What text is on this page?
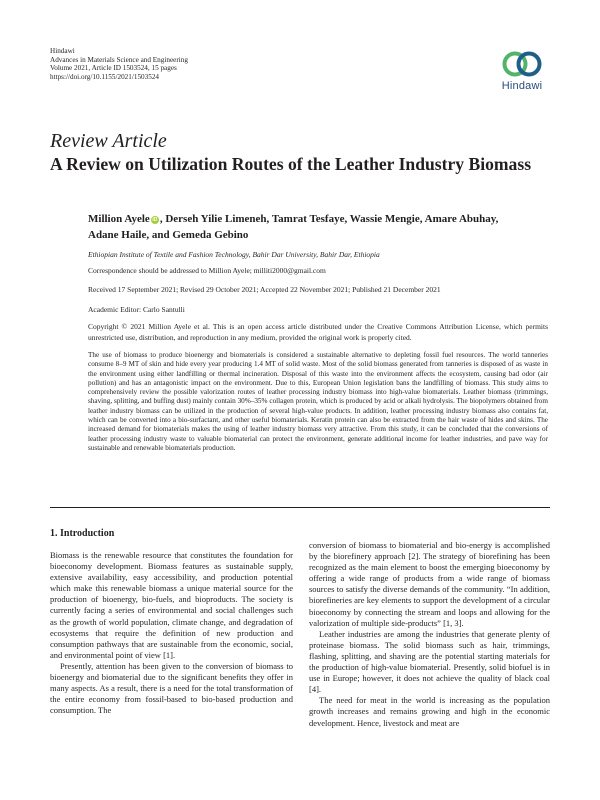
Hindawi
Advances in Materials Science and Engineering
Volume 2021, Article ID 1503524, 15 pages
https://doi.org/10.1155/2021/1503524
Hindawi
Review Article
A Review on Utilization Routes of the Leather Industry Biomass
Million Ayele iD , Derseh Yilie Limeneh, Tamrat Tesfaye, Wassie Mengie, Amare Abuhay,
Adane Haile, and Gemeda Gebino
Ethiopian Institute of Textile and Fashion Technology, Bahir Dar University, Bahir Dar, Ethiopia
Correspondence should be addressed to Million Ayele; milliti2000@gmail.com
Received 17 September 2021; Revised 29 October 2021; Accepted 22 November 2021; Published 21 December 2021
Academic Editor: Carlo Santulli
Copyright © 2021 Million Ayele et al. This is an open access article distributed under the Creative Commons Attribution License, which permits unrestricted use, distribution, and reproduction in any medium, provided the original work is properly cited.
The use of biomass to produce bioenergy and biomaterials is considered a sustainable alternative to depleting fossil fuel resources. The world tanneries consume 8–9 MT of skin and hide every year producing 1.4 MT of solid waste. Most of the solid biomass generated from tanneries is disposed of as waste in the environment using either landfilling or thermal incineration. Disposal of this waste into the environment affects the ecosystem, causing bad odor (air pollution) and has an antagonistic impact on the environment. Due to this, European Union legislation bans the landfilling of biomass. This study aims to comprehensively review the possible valorization routes of leather processing industry biomass into high-value biomaterials. Leather biomass (trimmings, shaving, splitting, and buffing dust) mainly contain 30%–35% collagen protein, which is produced by acid or alkali hydrolysis. The biopolymers obtained from leather industry biomass can be utilized in the production of several high-value products. In addition, leather processing industry biomass also contains fat, which can be converted into a bio-surfactant, and other useful biomaterials. Keratin protein can also be extracted from the hair waste of hides and skins. The increased demand for biomaterials makes the using of leather industry biomass very attractive. From this study, it can be concluded that the conversions of leather processing industry waste to valuable biomaterial can protect the environment, generate additional income for leather industries, and pave way for sustainable and renewable biomaterials production.
1. Introduction

Biomass is the renewable resource that constitutes the foundation for bioeconomy development. Biomass features as sustainable supply, extensive availability, easy accessibility, and production potential which make this renewable biomass a unique material source for the production of bioenergy, bio-fuels, and bioproducts. The society is currently facing a series of environmental and social challenges such as the growth of world population, climate change, and degradation of ecosystems that require the definition of new production and consumption pathways that are sustainable from the economic, social, and environmental point of view [1].

Presently, attention has been given to the conversion of biomass to bioenergy and biomaterial due to the significant benefits they offer in many aspects. As a result, there is a need for the total transformation of the entire economy from fossil-based to bio-based production and consumption. The

conversion of biomass to biomaterial and bio-energy is accomplished by the biorefinery approach [2]. The strategy of biorefining has been recognized as the main element to boost the emerging bioeconomy by offering a wide range of products from a wide range of biomass sources to satisfy the diverse demands of the community. “In addition, biorefineries are key elements to support the development of a circular bioeconomy by connecting the stream and loops and allowing for the valorization of multiple side-products” [1, 3].

Leather industries are among the industries that generate plenty of proteinase biomass. The solid biomass such as hair, trimmings, flashing, splitting, and shaving are the potential starting materials for the production of high-value biomaterial. Presently, solid biofuel is in use in Europe; however, it does not achieve the quality of black coal [4].

The need for meat in the world is increasing as the population growth increases and remains growing and high in the economic development. Hence, livestock and meat are
